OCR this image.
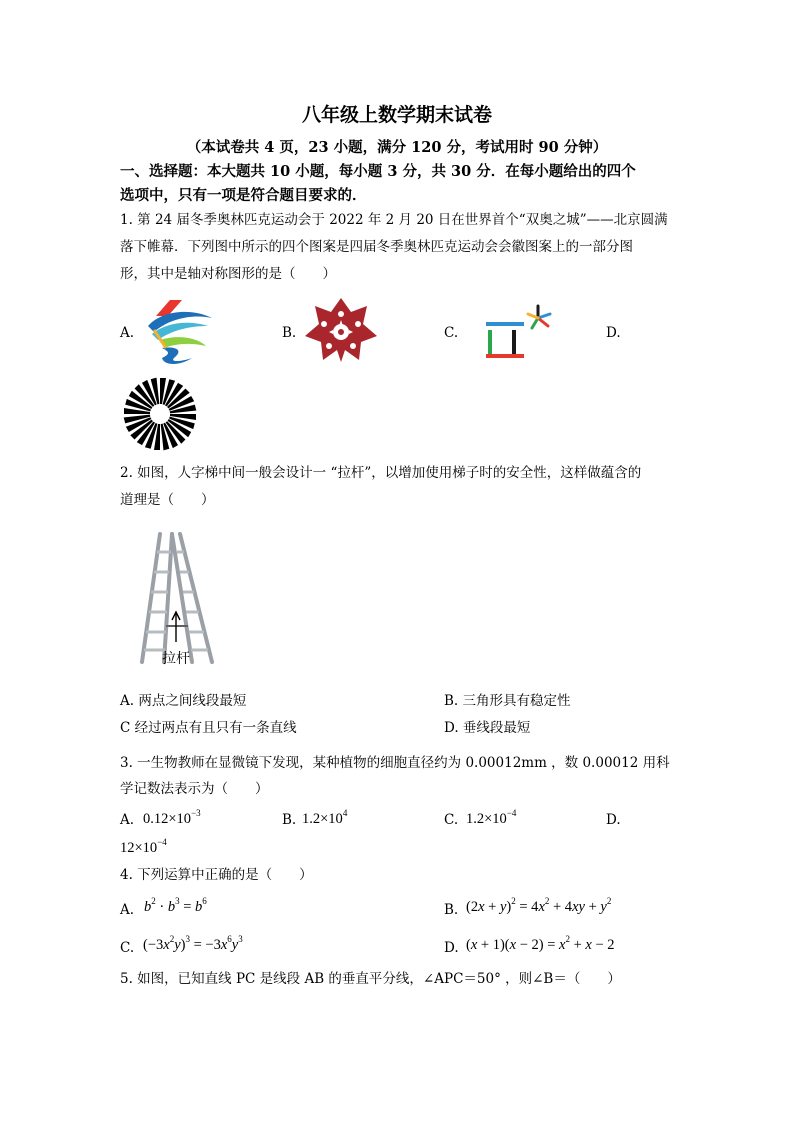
八年级上数学期末试卷
（本试卷共 4 页，23 小题，满分 120 分，考试用时 90 分钟）
一、选择题：本大题共 10 小题，每小题 3 分，共 30 分．在每小题给出的四个
选项中，只有一项是符合题目要求的．
1. 第 24 届冬季奥林匹克运动会于 2022 年 2 月 20 日在世界首个“双奥之城”——北京圆满
落下帷幕．下列图中所示的四个图案是四届冬季奥林匹克运动会会徽图案上的一部分图
形，其中是轴对称图形的是（　　）
A.	B.	C.	D.
2. 如图，人字梯中间一般会设计一 “拉杆”，以增加使用梯子时的安全性，这样做蕴含的
道理是（　　）
拉杆
A. 两点之间线段最短	B. 三角形具有稳定性
C 经过两点有且只有一条直线	D. 垂线段最短
3. 一生物教师在显微镜下发现，某种植物的细胞直径约为 0.00012mm ，数 0.00012 用科
学记数法表示为（　　）
A. $0.12\times 10^{-3}$	B. $1.2\times 10^4$	C. $1.2\times 10^{-4}$	D.
$12\times 10^{-4}$
4. 下列运算中正确的是（　　）
A. $b^2 \cdot b^3 = b^6$
B. $(2x + y)^2 = 4x^2 + 4xy + y^2$
C. $(-3x^2y)^3 = -3x^6y^3$
D. $(x + 1)(x - 2) = x^2 + x - 2$
5. 如图，已知直线 PC 是线段 AB 的垂直平分线，∠APC＝50° ，则∠B＝（　　）
